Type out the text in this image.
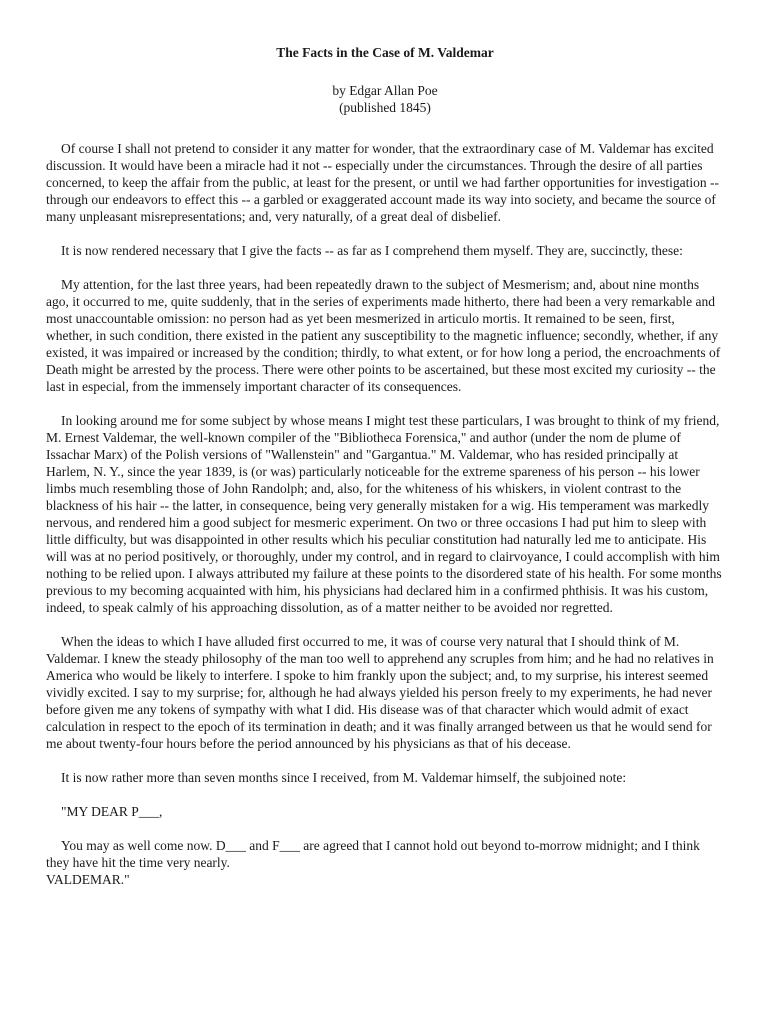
The Facts in the Case of M. Valdemar
by Edgar Allan Poe
(published 1845)

Of course I shall not pretend to consider it any matter for wonder, that the extraordinary case of M. Valdemar has excited discussion. It would have been a miracle had it not -- especially under the circumstances. Through the desire of all parties concerned, to keep the affair from the public, at least for the present, or until we had farther opportunities for investigation -- through our endeavors to effect this -- a garbled or exaggerated account made its way into society, and became the source of many unpleasant misrepresentations; and, very naturally, of a great deal of disbelief.

It is now rendered necessary that I give the facts -- as far as I comprehend them myself. They are, succinctly, these:

My attention, for the last three years, had been repeatedly drawn to the subject of Mesmerism; and, about nine months ago, it occurred to me, quite suddenly, that in the series of experiments made hitherto, there had been a very remarkable and most unaccountable omission: no person had as yet been mesmerized in articulo mortis. It remained to be seen, first, whether, in such condition, there existed in the patient any susceptibility to the magnetic influence; secondly, whether, if any existed, it was impaired or increased by the condition; thirdly, to what extent, or for how long a period, the encroachments of Death might be arrested by the process. There were other points to be ascertained, but these most excited my curiosity -- the last in especial, from the immensely important character of its consequences.

In looking around me for some subject by whose means I might test these particulars, I was brought to think of my friend, M. Ernest Valdemar, the well-known compiler of the "Bibliotheca Forensica," and author (under the nom de plume of Issachar Marx) of the Polish versions of "Wallenstein" and "Gargantua." M. Valdemar, who has resided principally at Harlem, N. Y., since the year 1839, is (or was) particularly noticeable for the extreme spareness of his person -- his lower limbs much resembling those of John Randolph; and, also, for the whiteness of his whiskers, in violent contrast to the blackness of his hair -- the latter, in consequence, being very generally mistaken for a wig. His temperament was markedly nervous, and rendered him a good subject for mesmeric experiment. On two or three occasions I had put him to sleep with little difficulty, but was disappointed in other results which his peculiar constitution had naturally led me to anticipate. His will was at no period positively, or thoroughly, under my control, and in regard to clairvoyance, I could accomplish with him nothing to be relied upon. I always attributed my failure at these points to the disordered state of his health. For some months previous to my becoming acquainted with him, his physicians had declared him in a confirmed phthisis. It was his custom, indeed, to speak calmly of his approaching dissolution, as of a matter neither to be avoided nor regretted.

When the ideas to which I have alluded first occurred to me, it was of course very natural that I should think of M. Valdemar. I knew the steady philosophy of the man too well to apprehend any scruples from him; and he had no relatives in America who would be likely to interfere. I spoke to him frankly upon the subject; and, to my surprise, his interest seemed vividly excited. I say to my surprise; for, although he had always yielded his person freely to my experiments, he had never before given me any tokens of sympathy with what I did. His disease was of that character which would admit of exact calculation in respect to the epoch of its termination in death; and it was finally arranged between us that he would send for me about twenty-four hours before the period announced by his physicians as that of his decease.

It is now rather more than seven months since I received, from M. Valdemar himself, the subjoined note:

"MY DEAR P___,

You may as well come now. D___ and F___ are agreed that I cannot hold out beyond to-morrow midnight; and I think they have hit the time very nearly.

VALDEMAR."
